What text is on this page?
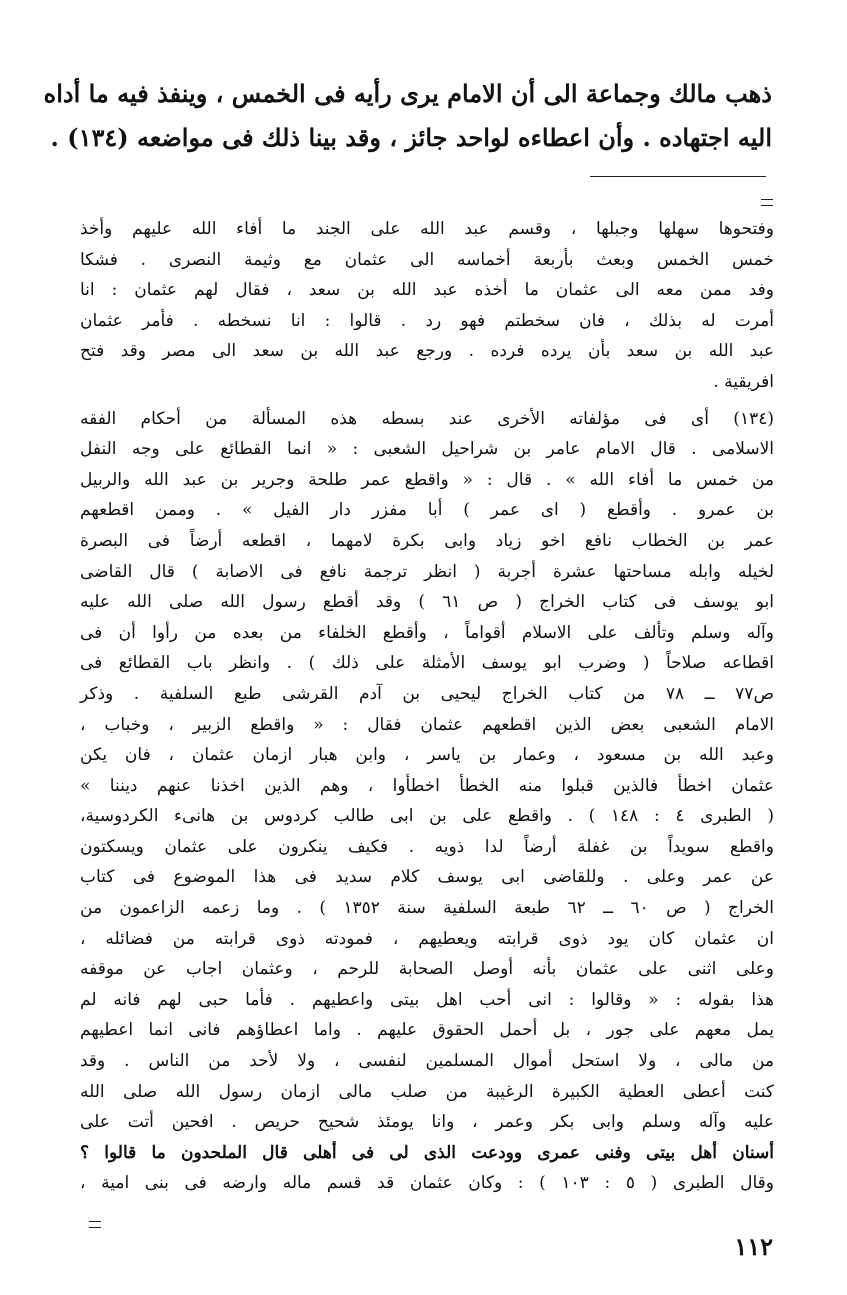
ذهب مالك وجماعة الى أن الامام يرى رأيه فى الخمس ، وينفذ فيه ما أداه
اليه اجتهاده . وأن اعطاءه لواحد جائز ، وقد بينا ذلك فى مواضعه (١٣٤) .
وفتحوها سهلها وجبلها ، وقسم عبد الله على الجند ما أفاء الله عليهم وأخذ
خمس الخمس وبعث بأربعة أخماسه الى عثمان مع وثيمة النصرى . فشكا
وفد ممن معه الى عثمان ما أخذه عبد الله بن سعد ، فقال لهم عثمان : انا
أمرت له بذلك ، فان سخطتم فهو رد . قالوا : انا نسخطه . فأمر عثمان
عبد الله بن سعد بأن يرده فرده . ورجع عبد الله بن سعد الى مصر وقد فتح
افريقية .
(١٣٤) أى فى مؤلفاته الأخرى عند بسطه هذه المسألة من أحكام الفقه
الاسلامى . قال الامام عامر بن شراحيل الشعبى : « انما القطائع على وجه النفل
من خمس ما أفاء الله » . قال : « واقطع عمر طلحة وجرير بن عبد الله والربيل
بن عمرو . وأقطع ( اى عمر ) أبا مفزر دار الفيل » . وممن اقطعهم
عمر بن الخطاب نافع اخو زياد وابى بكرة لامهما ، اقطعه أرضاً فى البصرة
لخيله وابله مساحتها عشرة أجربة ( انظر ترجمة نافع فى الاصابة ) قال القاضى
ابو يوسف فى كتاب الخراج ( ص ٦١ ) وقد أقطع رسول الله صلى الله عليه
وآله وسلم وتألف على الاسلام أقواماً ، وأقطع الخلفاء من بعده من رأوا أن فى
اقطاعه صلاحاً ( وضرب ابو يوسف الأمثلة على ذلك ) . وانظر باب القطائع فى
ص٧٧ ــ ٧٨ من كتاب الخراج ليحيى بن آدم القرشى طبع السلفية . وذكر
الامام الشعبى بعض الذين اقطعهم عثمان فقال : « واقطع الزبير ، وخباب ،
وعبد الله بن مسعود ، وعمار بن ياسر ، وابن هبار ازمان عثمان ، فان يكن
عثمان اخطأ فالذين قبلوا منه الخطأ اخطأوا ، وهم الذين اخذنا عنهم ديننا »
( الطبرى ٤ : ١٤٨ ) . واقطع على بن ابى طالب كردوس بن هانىء الكردوسية،
واقطع سويداً بن غفلة أرضاً لدا ذويه . فكيف ينكرون على عثمان ويسكتون
عن عمر وعلى . وللقاضى ابى يوسف كلام سديد فى هذا الموضوع فى كتاب
الخراج ( ص ٦٠ ــ ٦٢ طبعة السلفية سنة ١٣٥٢ ) . وما زعمه الزاعمون من
ان عثمان كان يود ذوى قرابته ويعطيهم ، فمودته ذوى قرابته من فضائله ،
وعلى اثنى على عثمان بأنه أوصل الصحابة للرحم ، وعثمان اجاب عن موقفه
هذا بقوله : « وقالوا : انى أحب اهل بيتى واعطيهم . فأما حبى لهم فانه لم
يمل معهم على جور ، بل أحمل الحقوق عليهم . واما اعطاؤهم فانى انما اعطيهم
من مالى ، ولا استحل أموال المسلمين لنفسى ، ولا لأحد من الناس . وقد
كنت أعطى العطية الكبيرة الرغيبة من صلب مالى ازمان رسول الله صلى الله
عليه وآله وسلم وابى بكر وعمر ، وانا يومئذ شحيح حريص . افحين أتت على
أسنان أهل بيتى وفنى عمرى وودعت الذى لى فى أهلى قال الملحدون ما قالوا ؟
وقال الطبرى ( ٥ : ١٠٣ ) : وكان عثمان قد قسم ماله وارضه فى بنى امية ،
١١٢
